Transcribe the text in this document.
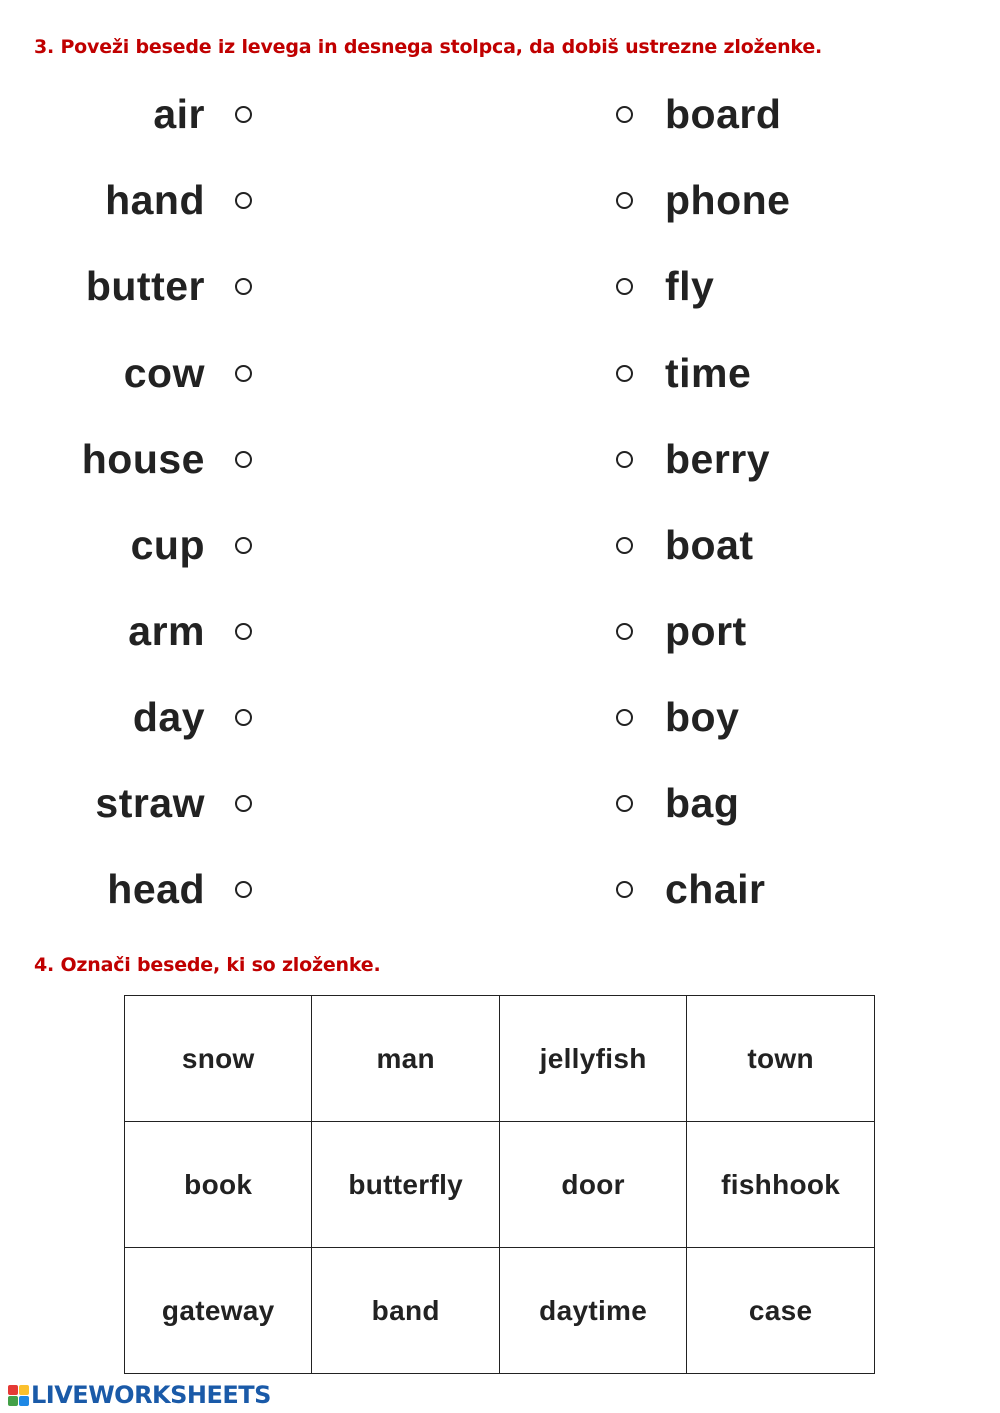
3. Poveži besede iz levega in desnega stolpca, da dobiš ustrezne zloženke.
air	board
hand	phone
butter	fly
cow	time
house	berry
cup	boat
arm	port
day	boy
straw	bag
head	chair
4. Označi besede, ki so zloženke.
snow	man	jellyfish	town
book	butterfly	door	fishhook
gateway	band	daytime	case
LIVEWORKSHEETS
